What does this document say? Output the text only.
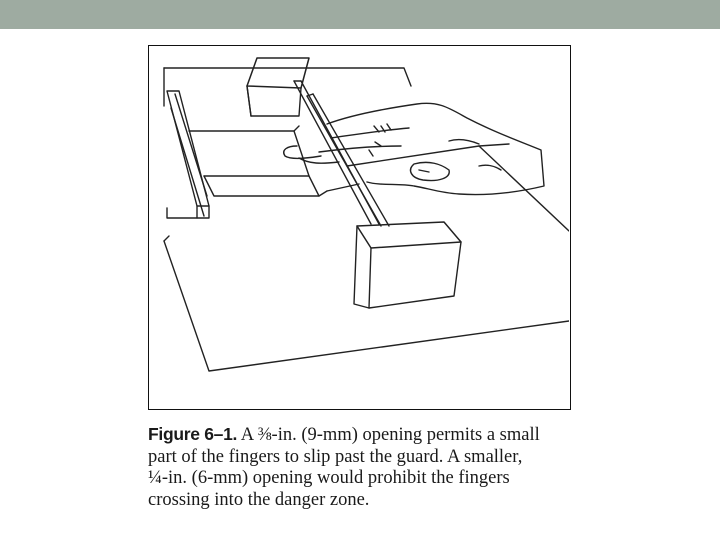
Figure 6–1. A ⅜-in. (9-mm) opening permits a small
part of the fingers to slip past the guard. A smaller,
¼-in. (6-mm) opening would prohibit the fingers
crossing into the danger zone.
